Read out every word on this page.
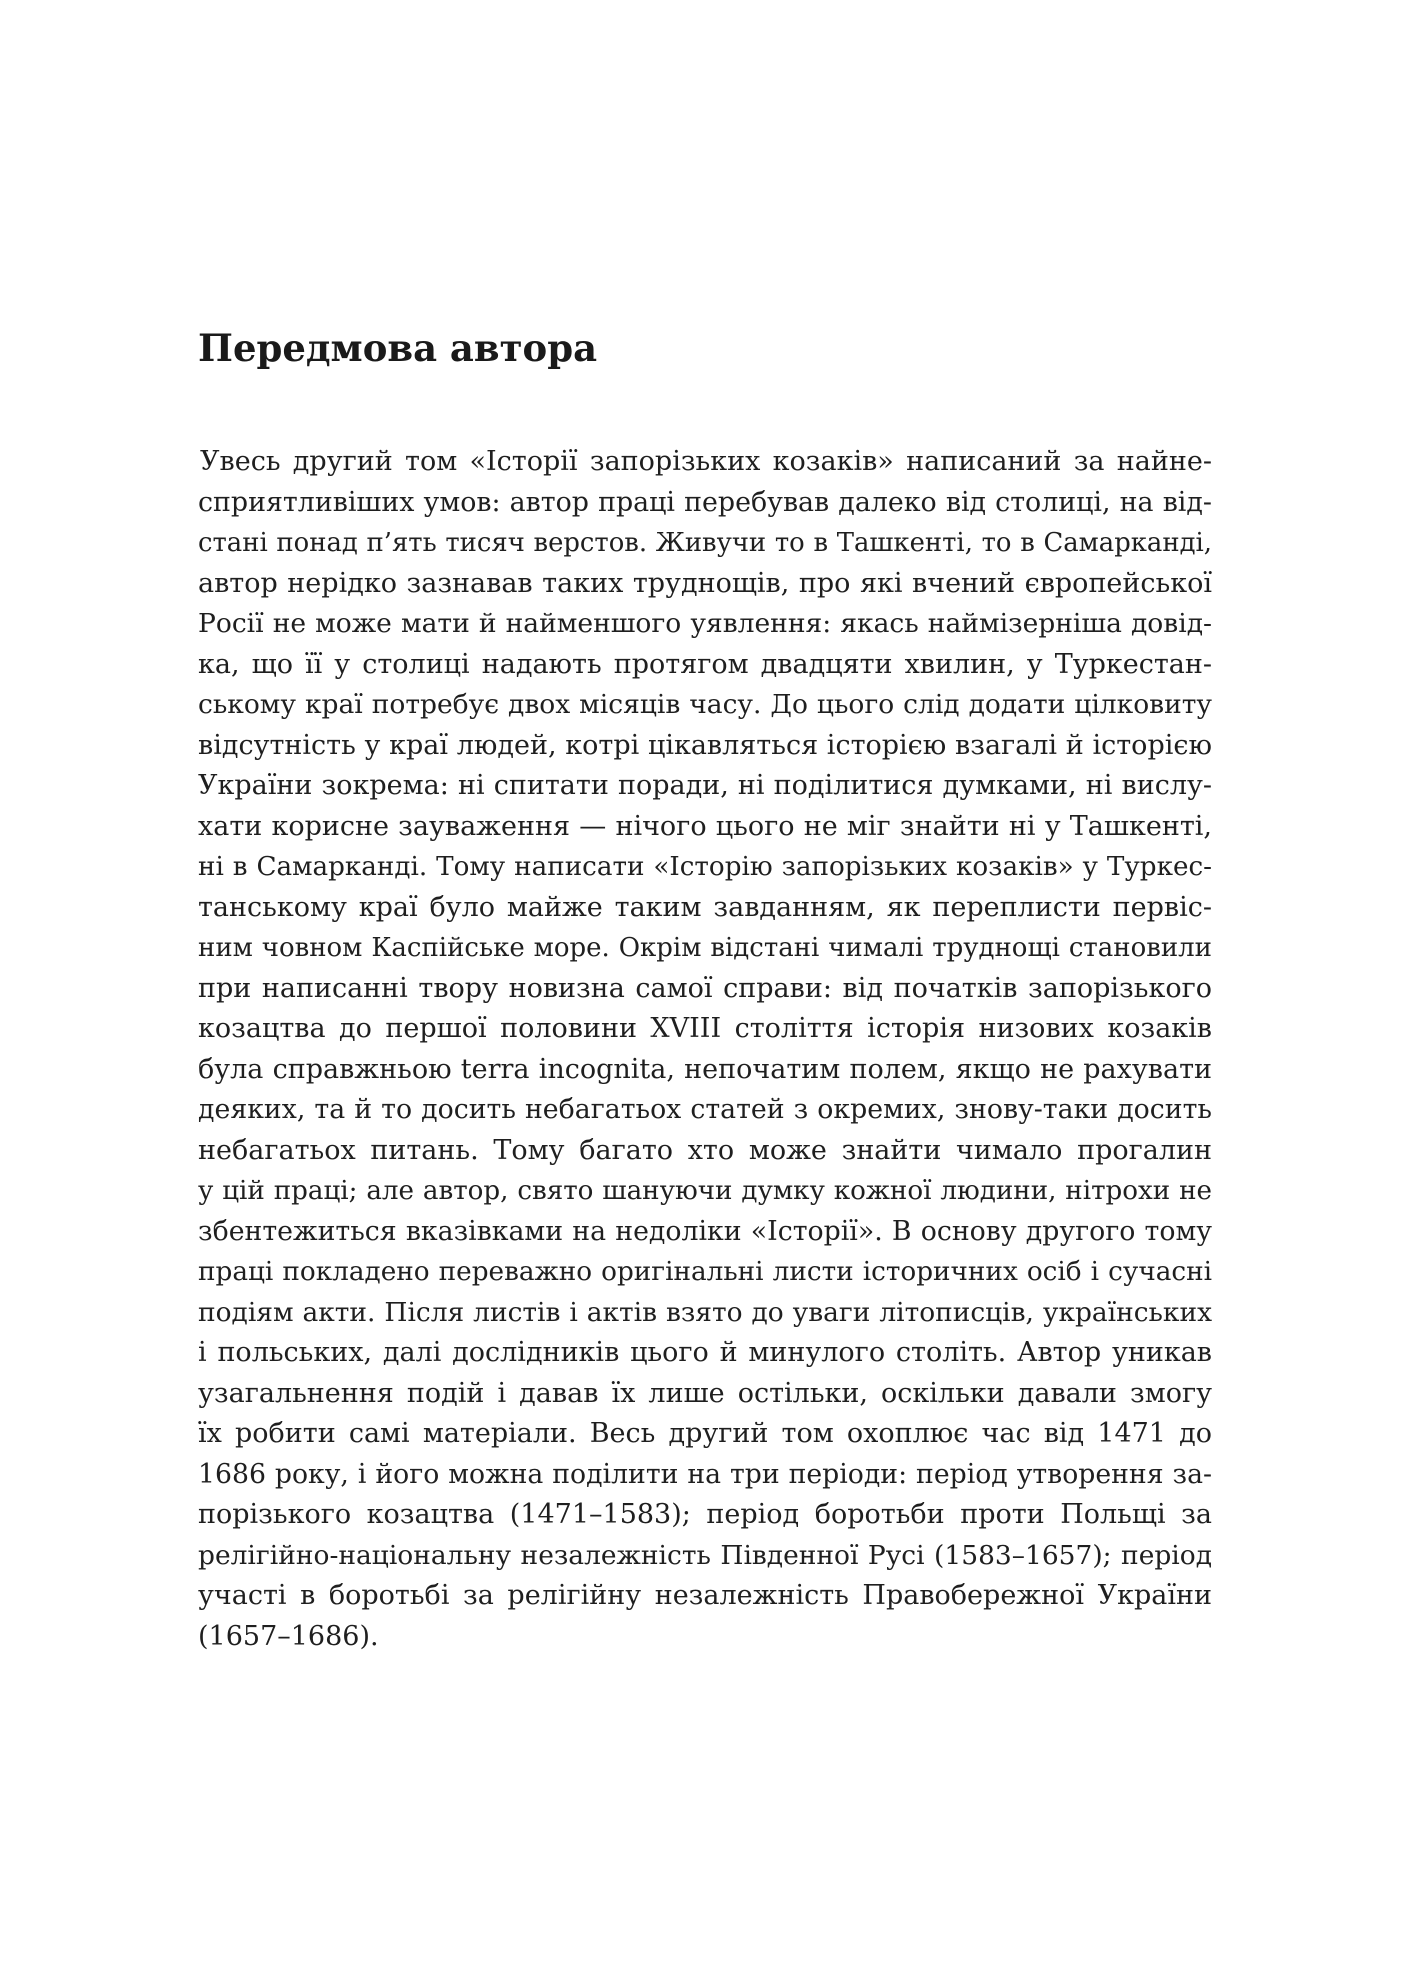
Передмова автора
Увесь другий том «Історії запорізьких козаків» написаний за найне-
сприятливіших умов: автор праці перебував далеко від столиці, на від-
стані понад п’ять тисяч верстов. Живучи то в Ташкенті, то в Самарканді,
автор нерідко зазнавав таких труднощів, про які вчений європейської
Росії не може мати й найменшого уявлення: якась наймізерніша довід-
ка, що її у столиці надають протягом двадцяти хвилин, у Туркестан-
ському краї потребує двох місяців часу. До цього слід додати цілковиту
відсутність у краї людей, котрі цікавляться історією взагалі й історією
України зокрема: ні спитати поради, ні поділитися думками, ні вислу-
хати корисне зауваження — нічого цього не міг знайти ні у Ташкенті,
ні в Самарканді. Тому написати «Історію запорізьких козаків» у Туркес-
танському краї було майже таким завданням, як переплисти первіс-
ним човном Каспійське море. Окрім відстані чималі труднощі становили
при написанні твору новизна самої справи: від початків запорізького
козацтва до першої половини XVIII століття історія низових козаків
була справжньою terra incognita, непочатим полем, якщо не рахувати
деяких, та й то досить небагатьох статей з окремих, знову-таки досить
небагатьох питань. Тому багато хто може знайти чимало прогалин
у цій праці; але автор, свято шануючи думку кожної людини, нітрохи не
збентежиться вказівками на недоліки «Історії». В основу другого тому
праці покладено переважно оригінальні листи історичних осіб і сучасні
подіям акти. Після листів і актів взято до уваги літописців, українських
і польських, далі дослідників цього й минулого століть. Автор уникав
узагальнення подій і давав їх лише остільки, оскільки давали змогу
їх робити самі матеріали. Весь другий том охоплює час від 1471 до
1686 року, і його можна поділити на три періоди: період утворення за-
порізького козацтва (1471–1583); період боротьби проти Польщі за
релігійно-національну незалежність Південної Русі (1583–1657); період
участі в боротьбі за релігійну незалежність Правобережної України
(1657–1686).
